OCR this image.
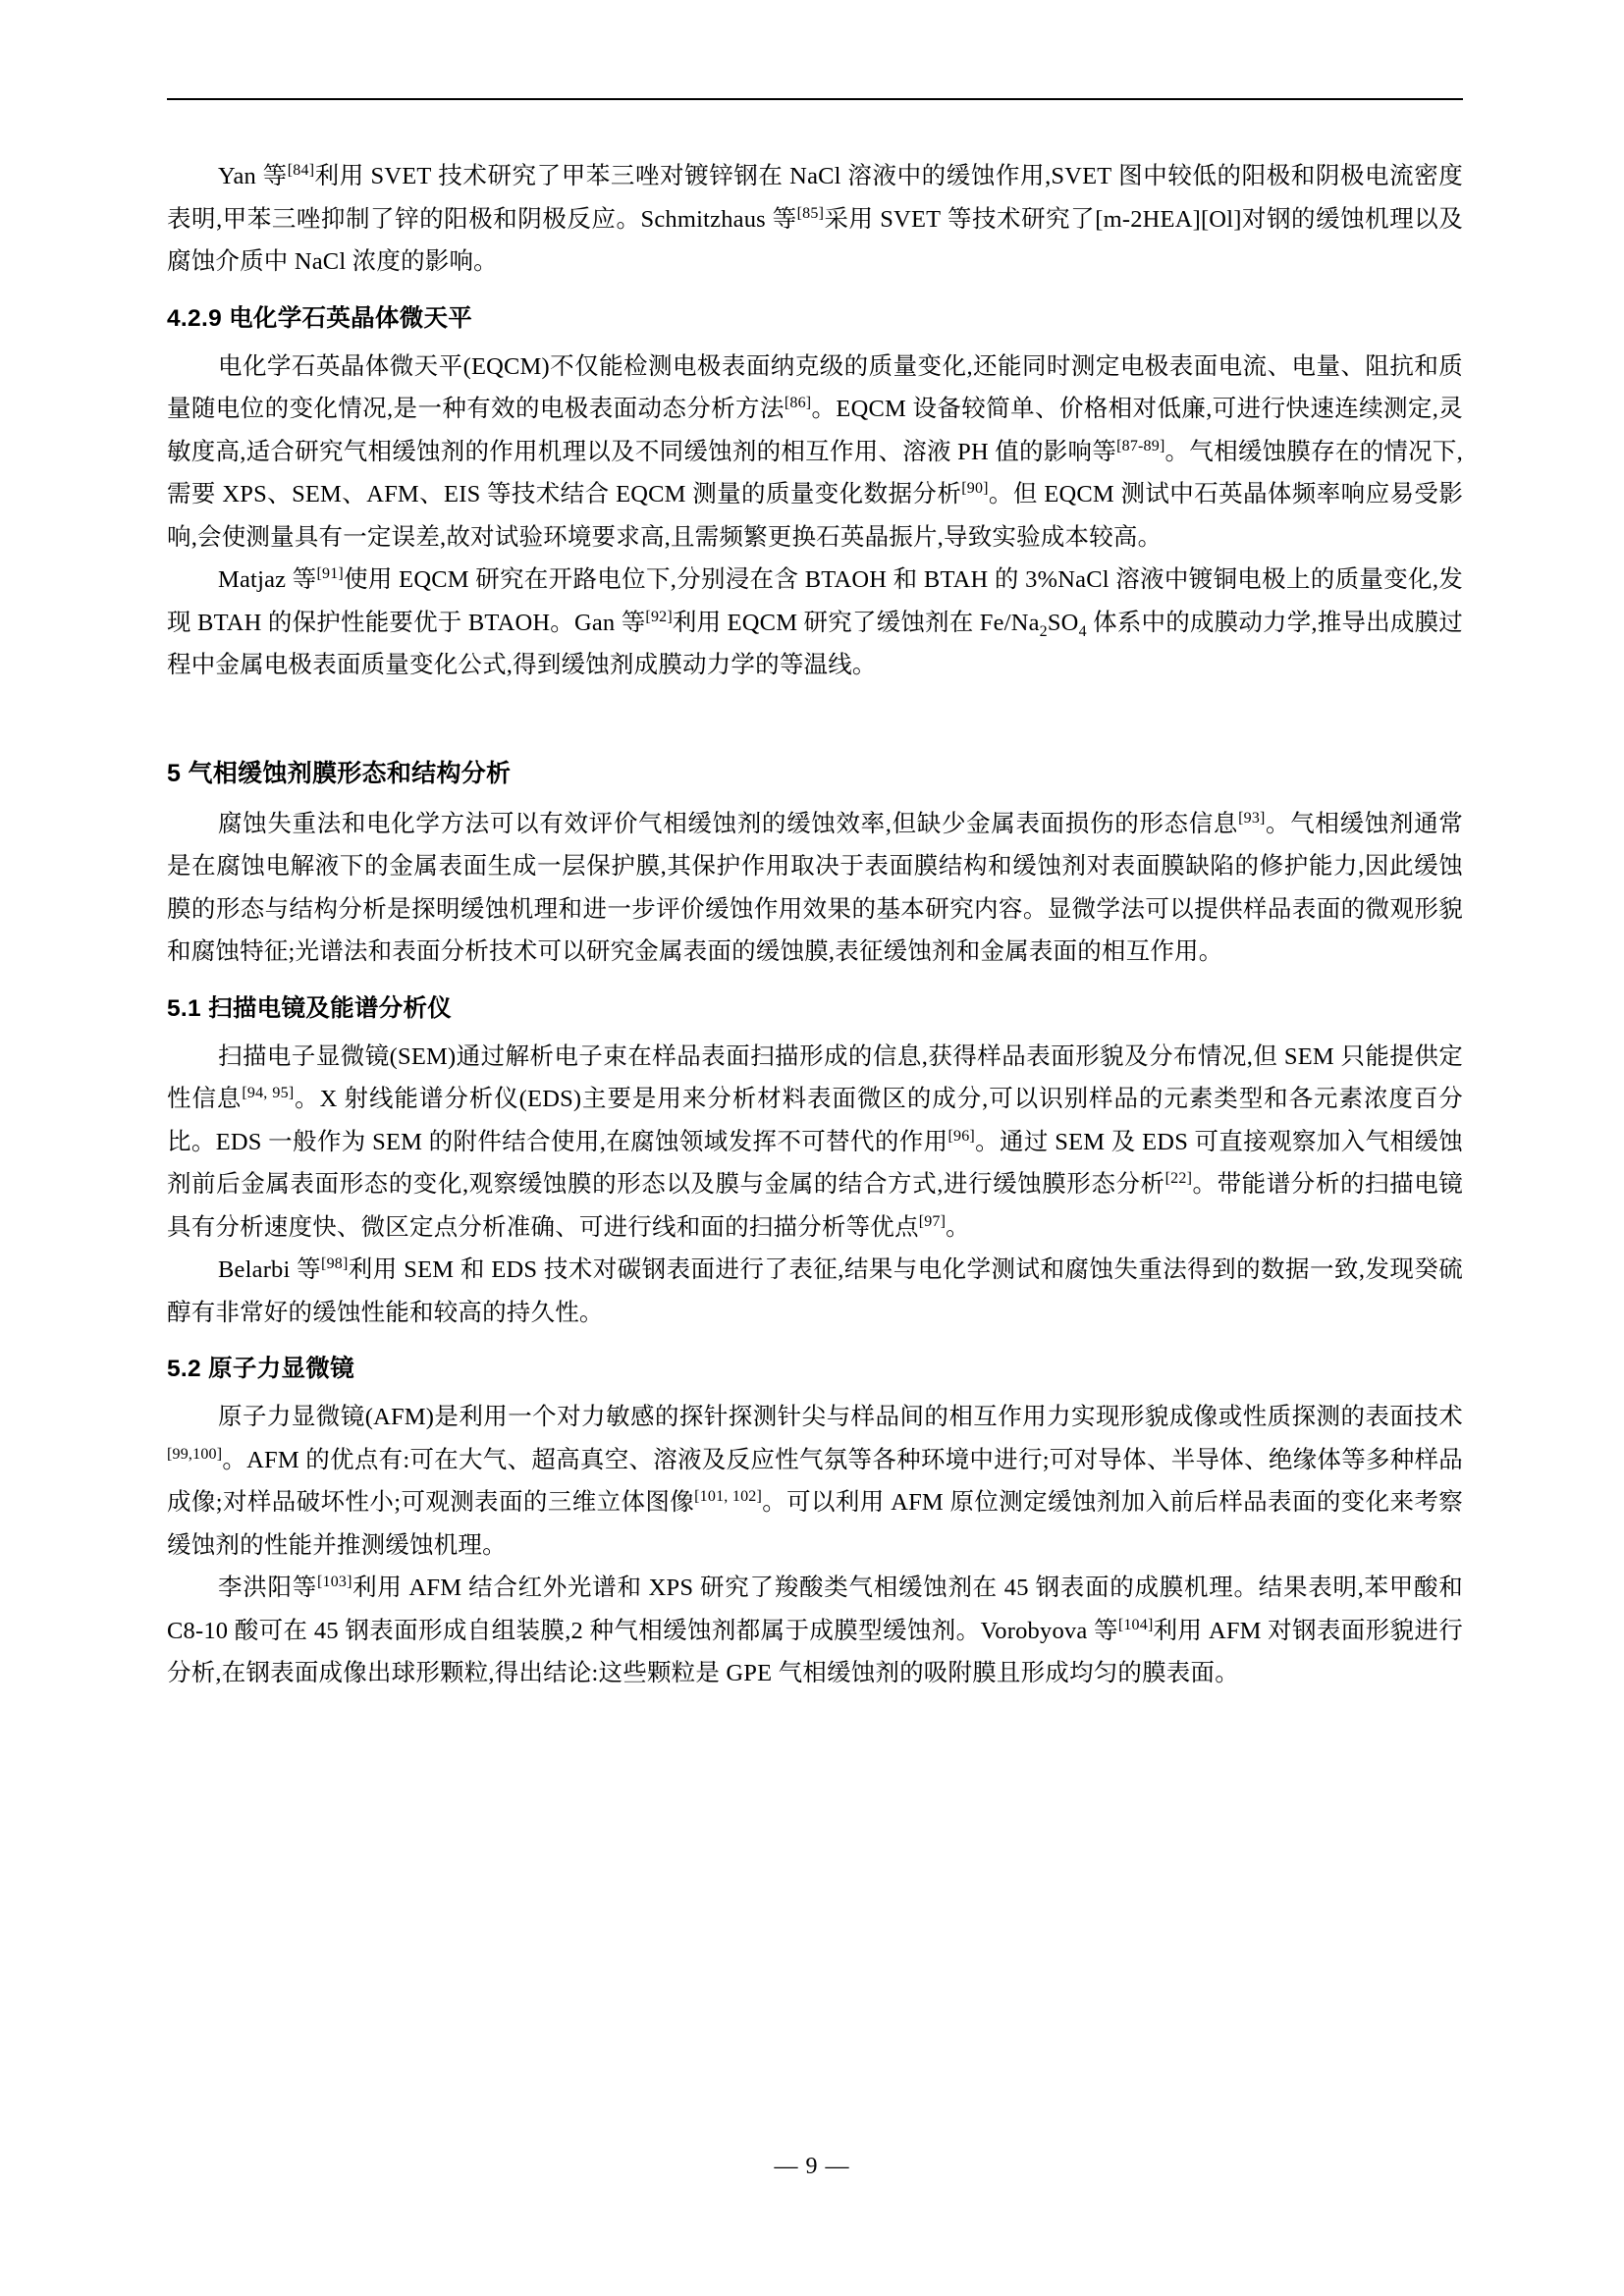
Yan 等[84]利用 SVET 技术研究了甲苯三唑对镀锌钢在 NaCl 溶液中的缓蚀作用,SVET 图中较低的阳极和阴极电流密度表明,甲苯三唑抑制了锌的阳极和阴极反应。Schmitzhaus 等[85]采用 SVET 等技术研究了[m-2HEA][Ol]对钢的缓蚀机理以及腐蚀介质中 NaCl 浓度的影响。

4.2.9 电化学石英晶体微天平

电化学石英晶体微天平(EQCM)不仅能检测电极表面纳克级的质量变化,还能同时测定电极表面电流、电量、阻抗和质量随电位的变化情况,是一种有效的电极表面动态分析方法[86]。EQCM 设备较简单、价格相对低廉,可进行快速连续测定,灵敏度高,适合研究气相缓蚀剂的作用机理以及不同缓蚀剂的相互作用、溶液 PH 值的影响等[87-89]。气相缓蚀膜存在的情况下,需要 XPS、SEM、AFM、EIS 等技术结合 EQCM 测量的质量变化数据分析[90]。但 EQCM 测试中石英晶体频率响应易受影响,会使测量具有一定误差,故对试验环境要求高,且需频繁更换石英晶振片,导致实验成本较高。

Matjaz 等[91]使用 EQCM 研究在开路电位下,分别浸在含 BTAOH 和 BTAH 的 3%NaCl 溶液中镀铜电极上的质量变化,发现 BTAH 的保护性能要优于 BTAOH。Gan 等[92]利用 EQCM 研究了缓蚀剂在 $Fe/Na_2SO_4$ 体系中的成膜动力学,推导出成膜过程中金属电极表面质量变化公式,得到缓蚀剂成膜动力学的等温线。

5 气相缓蚀剂膜形态和结构分析

腐蚀失重法和电化学方法可以有效评价气相缓蚀剂的缓蚀效率,但缺少金属表面损伤的形态信息[93]。气相缓蚀剂通常是在腐蚀电解液下的金属表面生成一层保护膜,其保护作用取决于表面膜结构和缓蚀剂对表面膜缺陷的修护能力,因此缓蚀膜的形态与结构分析是探明缓蚀机理和进一步评价缓蚀作用效果的基本研究内容。显微学法可以提供样品表面的微观形貌和腐蚀特征;光谱法和表面分析技术可以研究金属表面的缓蚀膜,表征缓蚀剂和金属表面的相互作用。

5.1 扫描电镜及能谱分析仪

扫描电子显微镜(SEM)通过解析电子束在样品表面扫描形成的信息,获得样品表面形貌及分布情况,但 SEM 只能提供定性信息[94, 95]。X 射线能谱分析仪(EDS)主要是用来分析材料表面微区的成分,可以识别样品的元素类型和各元素浓度百分比。EDS 一般作为 SEM 的附件结合使用,在腐蚀领域发挥不可替代的作用[96]。通过 SEM 及 EDS 可直接观察加入气相缓蚀剂前后金属表面形态的变化,观察缓蚀膜的形态以及膜与金属的结合方式,进行缓蚀膜形态分析[22]。带能谱分析的扫描电镜具有分析速度快、微区定点分析准确、可进行线和面的扫描分析等优点[97]。

Belarbi 等[98]利用 SEM 和 EDS 技术对碳钢表面进行了表征,结果与电化学测试和腐蚀失重法得到的数据一致,发现癸硫醇有非常好的缓蚀性能和较高的持久性。

5.2 原子力显微镜

原子力显微镜(AFM)是利用一个对力敏感的探针探测针尖与样品间的相互作用力实现形貌成像或性质探测的表面技术[99,100]。AFM 的优点有:可在大气、超高真空、溶液及反应性气氛等各种环境中进行;可对导体、半导体、绝缘体等多种样品成像;对样品破坏性小;可观测表面的三维立体图像[101, 102]。可以利用 AFM 原位测定缓蚀剂加入前后样品表面的变化来考察缓蚀剂的性能并推测缓蚀机理。

李洪阳等[103]利用 AFM 结合红外光谱和 XPS 研究了羧酸类气相缓蚀剂在 45 钢表面的成膜机理。结果表明,苯甲酸和 C8-10 酸可在 45 钢表面形成自组装膜,2 种气相缓蚀剂都属于成膜型缓蚀剂。Vorobyova 等[104]利用 AFM 对钢表面形貌进行分析,在钢表面成像出球形颗粒,得出结论:这些颗粒是 GPE 气相缓蚀剂的吸附膜且形成均匀的膜表面。

— 9 —
